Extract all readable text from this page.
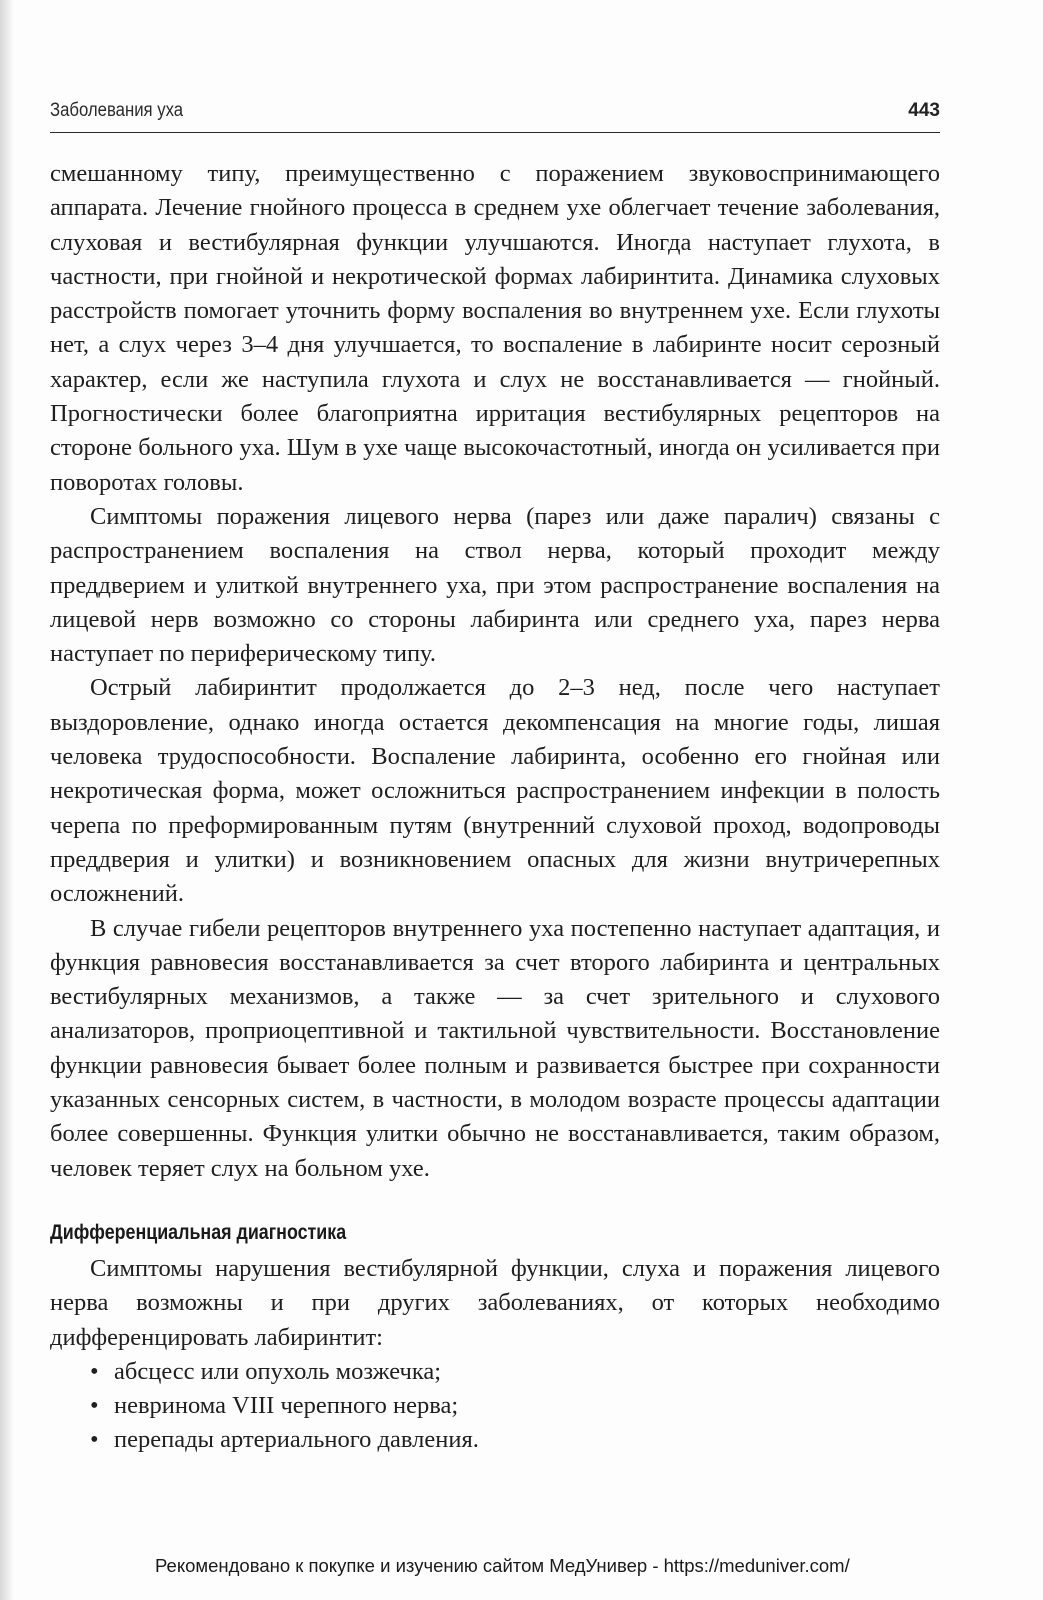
Заболевания уха	443

смешанному типу, преимущественно с поражением звуковоспринимающего аппарата. Лечение гнойного процесса в среднем ухе облегчает течение заболевания, слуховая и вестибулярная функции улучшаются. Иногда наступает глухота, в частности, при гнойной и некротической формах лабиринтита. Динамика слуховых расстройств помогает уточнить форму воспаления во внутреннем ухе. Если глухоты нет, а слух через 3–4 дня улучшается, то воспаление в лабиринте носит серозный характер, если же наступила глухота и слух не восстанавливается — гнойный. Прогностически более благоприятна ирритация вестибулярных рецепторов на стороне больного уха. Шум в ухе чаще высокочастотный, иногда он усиливается при поворотах головы.

Симптомы поражения лицевого нерва (парез или даже паралич) связаны с распространением воспаления на ствол нерва, который проходит между преддверием и улиткой внутреннего уха, при этом распространение воспаления на лицевой нерв возможно со стороны лабиринта или среднего уха, парез нерва наступает по периферическому типу.

Острый лабиринтит продолжается до 2–3 нед, после чего наступает выздоровление, однако иногда остается декомпенсация на многие годы, лишая человека трудоспособности. Воспаление лабиринта, особенно его гнойная или некротическая форма, может осложниться распространением инфекции в полость черепа по преформированным путям (внутренний слуховой проход, водопроводы преддверия и улитки) и возникновением опасных для жизни внутричерепных осложнений.

В случае гибели рецепторов внутреннего уха постепенно наступает адаптация, и функция равновесия восстанавливается за счет второго лабиринта и центральных вестибулярных механизмов, а также — за счет зрительного и слухового анализаторов, проприоцептивной и тактильной чувствительности. Восстановление функции равновесия бывает более полным и развивается быстрее при сохранности указанных сенсорных систем, в частности, в молодом возрасте процессы адаптации более совершенны. Функция улитки обычно не восстанавливается, таким образом, человек теряет слух на больном ухе.

Дифференциальная диагностика

Симптомы нарушения вестибулярной функции, слуха и поражения лицевого нерва возможны и при других заболеваниях, от которых необходимо дифференцировать лабиринтит:

• абсцесс или опухоль мозжечка;
• невринома VIII черепного нерва;
• перепады артериального давления.
Рекомендовано к покупке и изучению сайтом МедУнивер - https://meduniver.com/
